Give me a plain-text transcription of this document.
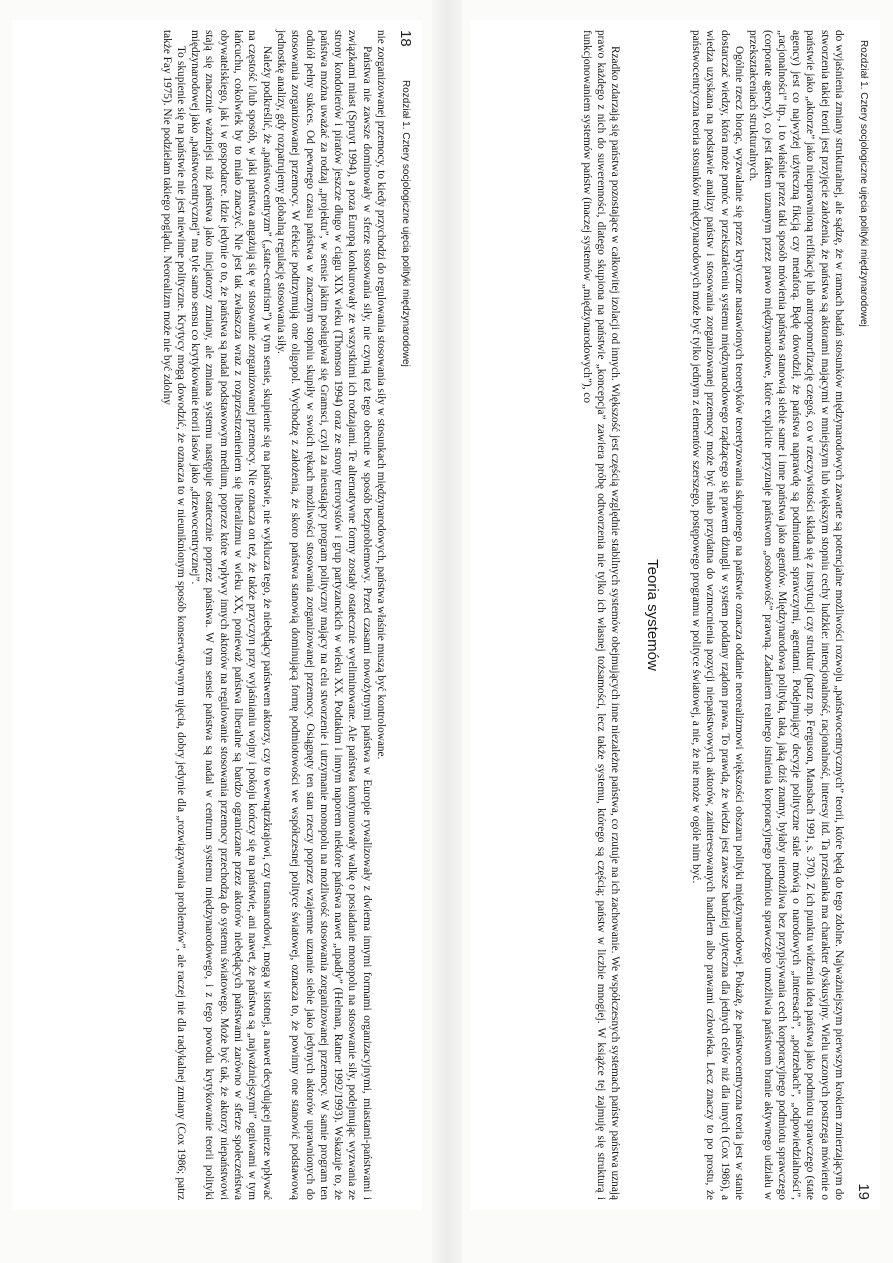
18
Rozdział 1. Cztery socjologiczne ujęcia polityki międzynarodowej

nie zorganizowanej przemocy, to kiedy przychodzi do regulowania stosowania siły w stosunkach międzynarodowych, państwa właśnie muszą być kontrolowane.

Państwa nie zawsze dominowały w sferze stosowania siły, nie czynią też tego obecnie w sposób bezproblemowy. Przed czasami nowożytnymi państwa w Europie rywalizowały z dwiema innymi formami organizacyjnymi, miastami-państwami i związkami miast (Spruyt 1994), a poza Europą konkurowały ze wszystkimi ich rodzajami. Te alternatywne formy zostały ostatecznie wyeliminowane. Ale państwa kontynuowały walkę o posiadanie monopolu na stosowanie siły, podejmując wyzwania ze strony kondotierów i piratów jeszcze długo w ciągu XIX wieku (Thomson 1994) oraz ze strony terrorystów i grup partyzanckich w wieku XX. Podtakim i innym naporem niektóre państwa nawet „upadły” (Helman, Ratner 1992/1993). Wskazuje to, że państwa można uważać za rodzaj „projektu”, w sensie jakim posługiwał się Gramsci, czyli za nieustający program polityczny mający na celu stworzenie i utrzymanie monopolu na możliwość stosowania zorganizowanej przemocy. W samie program ten odniół pełny sukces. Od pewnego czasu państwa w znacznym stopniu skupiły w swoich rękach możliwości stosowania zorganizowanej przemocy. Osiągnęty ten stan rzeczy poprzez wzajemne uznanie siebie jako jedynych aktorów uprawnionych do stosowania zorganizowanej przemocy. W efekcie podtrzymują one oligopol. Wychodzę z założenia, że skoro państwa stanowią dominującą formę podmiotowości we współczesnej polityce światowej, oznacza to, że powinny one stanowić podstawową jednostkę analizy, gdy rozpatrujemy globalną regulację stosowania siły.

Należy podkreślić, że „państwocentryzm” („state-centrism”) w tym sensie, skupienie się na państwie, nie wyklucza tego, że niebędący państwem aktorzy, czy to wewnątrzkrajowi, czy transnarodowi, mogą w istotnej, a nawet decydującej mierze wpływać na częstość i/lub sposób, w jaki państwa angażują się w stosowanie zorganizowanej przemocy. Nie oznacza on też, że także przyczyn przy wyjaśnianiu wojny i pokoju kończy się na państwie, ani nawet, że państwa są „najważniejszymi” ogniwami w tym łańcuchu, cokolwiek by to miało znaczyć. Nie jest tak zwłaszcza wraz z rozprzestrzenieniem się liberalizmu w wieku XX, ponieważ państwa liberalne są bardzo ograniczane przez aktorów niebędących państwami zarówno w sferze społeczeństwa obywatelskiego, jak i w gospodarce. Idzie jedynie o to, że państwa są nadal podstawowym medium, poprzez które wpływy innych aktorów na regulowanie stosowania przemocy przechodzą do systemu światowego. Może być tak, że aktorzy niepaństwowi stają się znacznie ważniejsi niż państwa jako inicjatorzy zmiany, ale zmiana systemu następuje ostatecznie poprzez państwa. W tym sensie państwa są nadal w centrum systemu międzynarodowego, i z tego powodu krytykowanie teorii polityki międzynarodowej jako „państwocentrycznej” ma tyle samo sensu co krytykowanie teorii lasów jako „drzewocentrycznej”.

To skupienie się na państwie nie jest niewinne polityczne. Krytycy mogą dowodzić, że oznacza to w nieuniknionym sposób konserwatywnym ujęcia, dobry jedynie dla „rozwiązywania problemów”, ale raczej nie dla radykalnej zmiany (Cox 1986; patrz także Fay 1975). Nie podzielam takiego poglądu. Neorealizm może nie być zdolny	Rozdział 1. Cztery socjologiczne ujęcia polityki międzynarodowej
19

do wyjaśnienia zmiany strukturalnej, ale sądzę, że w ramach badań stosunków międzynarodowych zawarte są potencjalne możliwości rozwoju „państwocentrycznych” teorii, które będą do tego zdolne. Najważniejszym pierwszym krokiem zmierzającym do stworzenia takiej teorii jest przyjęcie założenia, że państwa są aktorami mającymi w mniejszym lub większym stopniu cechy ludzkie: intencjonalność, racjonalność, interesy itd. Ta przesłanka ma charakter dyskusyjny. Wielu uczonych postrzega mówienie o państwie jako „aktorze” jako nieuprawnioną reifikację lub antropomorfizację czegoś, co w rzeczywistości składa się z instytucji czy struktur (patrz np. Ferguson, Mansbach 1991, s. 370). Z ich punktu widzenia idea państwa jako podmiotu sprawczego (state agency) jest co najwyżej użyteczną fikcją czy metaforą. Będę dowodził, że państwa naprawdę są podmiotami sprawczymi, agentami. Podejmujący decyzje polityczne stale mówią o narodowych „interesach”, „potrzebach”, „odpowiedzialności”, „racjonalności” itp., i to właśnie przez taki sposób mówienia państwa stanowią siebie same i inne państwa jako agentów. Międzynarodowa polityka, taka, jaką dziś znamy, byłaby niemożliwa bez przypisywania cech korporacyjnego podmiotu sprawczego (corporate agency), co jest faktem uznanym przez prawo międzynarodowe, które explicite przyznaje państwom „osobowość” prawną. Zadaniem realnego istnienia korporacyjnego podmiotu sprawczego umożliwia państwom branie aktywnego udziału w przekształceniach strukturalnych.

Ogólnie rzecz biorąc, wyzwalanie się przez krytyczne nastawionych teoretyków teoretyzowania skupionego na państwie oznacza oddanie neorealizmowi większości obszaru polityki międzynarodowej. Pokażę, że państwocentryczna teoria jest w stanie dostarczać wiedzy, która może pomóc w przekształceniu systemu międzynarodowego rządzącego się prawem dżungli w system poddany rządom prawa. To prawda, że wiedza jest zawsze bardziej użyteczna dla jednych celów niż dla innych (Cox 1986), a wiedza uzyskana na podstawie analizy państw i stosowania zorganizowanej przemocy może być mało przydatna do wzmocnienia pozycji niepaństwowych aktorów, zainteresowanych handlem albo prawami człowieka. Lecz znaczy to po prostu, że państwocentryczna teoria stosunków międzynarodowych może być tylko jednym z elementów szerszego, postępowego programu w polityce światowej, a nie, że nie może w ogóle nim być.

Teoria systemów

Rzadko zdarzają się państwa pozostające w całkowitej izolacji od innych. Większość jest częścią względnie stabilnych systemów obejmujących inne niezależne państwa, co rzutuje na ich zachowanie. We współczesnych systemach państw państwa uznają prawo każdego z nich do suwerenności, dlatego skupiona na państwie „koncepcja” zawiera próbę odtworzenia nie tylko ich własnej tożsamości, lecz także systemu, którego są częścią; państw w liczbie mnogiej. W książce tej zajmuję się strukturą i funkcjonowaniem systemów państw (inaczej systemów „międzynarodowych”), co
